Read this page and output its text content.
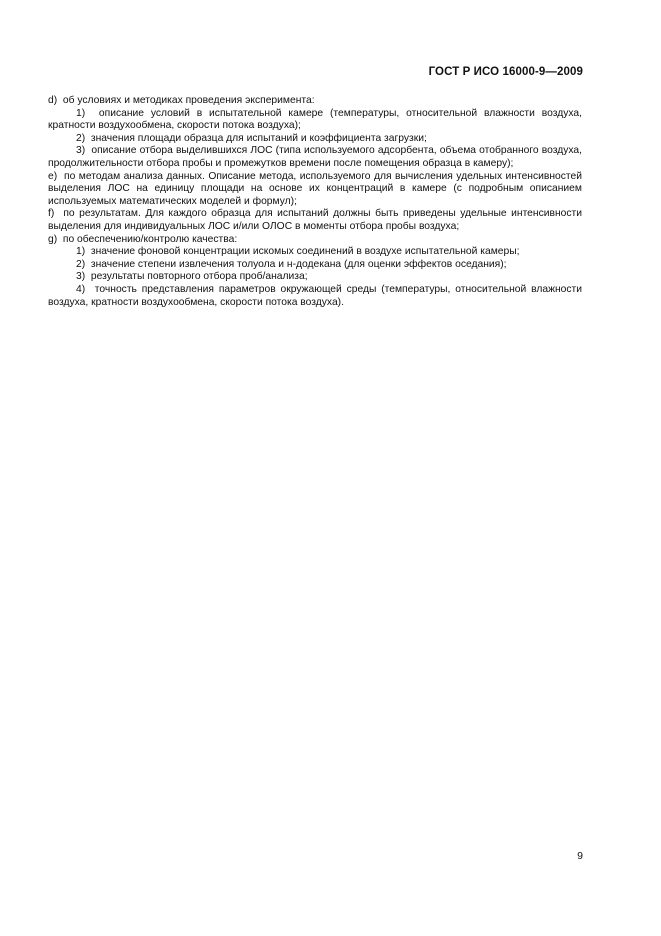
ГОСТ Р ИСО 16000-9—2009

d)  об условиях и методиках проведения эксперимента:

1)  описание условий в испытательной камере (температуры, относительной влажности воздуха, кратности воздухообмена, скорости потока воздуха);

2)  значения площади образца для испытаний и коэффициента загрузки;

3)  описание отбора выделившихся ЛОС (типа используемого адсорбента, объема отобранного воздуха, продолжительности отбора пробы и промежутков времени после помещения образца в камеру);

e)  по методам анализа данных. Описание метода, используемого для вычисления удельных интенсивностей выделения ЛОС на единицу площади на основе их концентраций в камере (с подробным описанием используемых математических моделей и формул);

f)  по результатам. Для каждого образца для испытаний должны быть приведены удельные интенсивности выделения для индивидуальных ЛОС и/или ОЛОС в моменты отбора пробы воздуха;

g)  по обеспечению/контролю качества:

1)  значение фоновой концентрации искомых соединений в воздухе испытательной камеры;

2)  значение степени извлечения толуола и н-додекана (для оценки эффектов оседания);

3)  результаты повторного отбора проб/анализа;

4)  точность представления параметров окружающей среды (температуры, относительной влажности воздуха, кратности воздухообмена, скорости потока воздуха).

9
